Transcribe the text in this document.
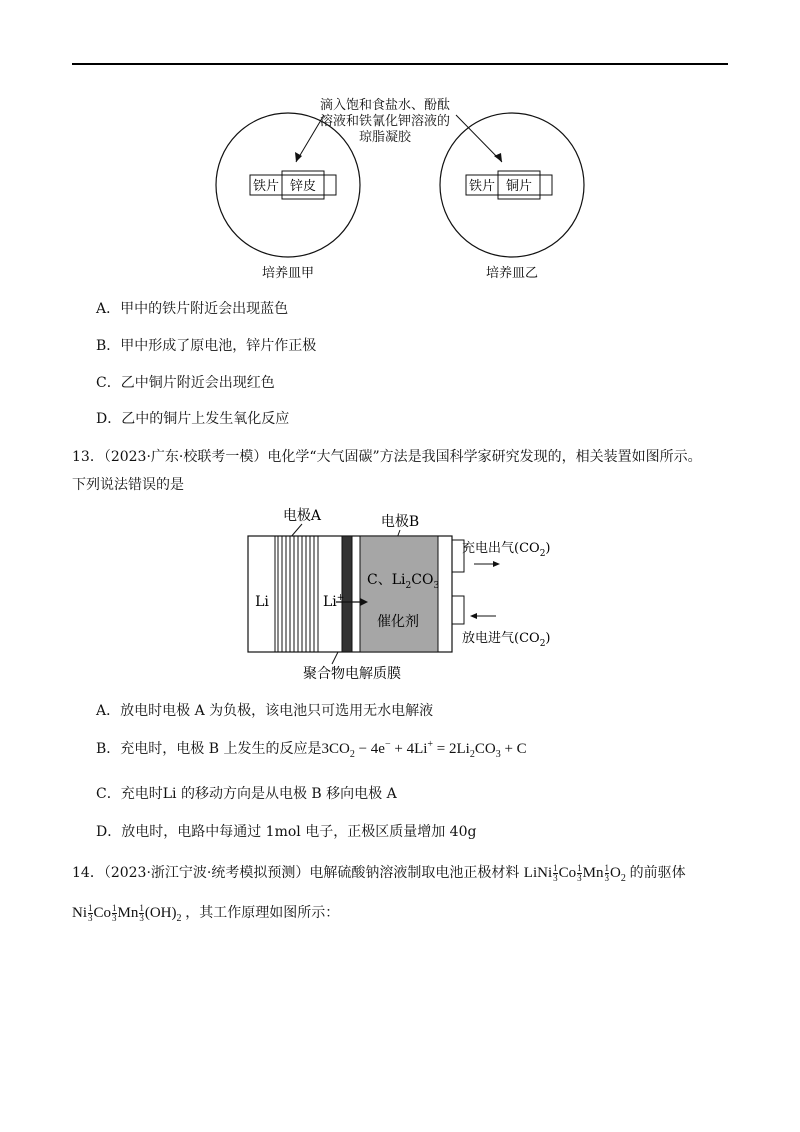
滴入饱和食盐水、酚酞
溶液和铁氰化钾溶液的
琼脂凝胶
铁片 锌皮	铁片 铜片
培养皿甲	培养皿乙
A．甲中的铁片附近会出现蓝色
B．甲中形成了原电池，锌片作正极
C．乙中铜片附近会出现红色
D．乙中的铜片上发生氧化反应
13．（2023·广东·校联考一模）电化学“大气固碳”方法是我国科学家研究发现的，相关装置如图所示。
下列说法错误的是
电极A	电极B
Li	Li+
C、$Li_2CO_3$
催化剂
充电出气$(CO_2)$
放电进气$(CO_2)$
聚合物电解质膜
A．放电时电极 A 为负极，该电池只可选用无水电解液
B．充电时，电极 B 上发生的反应是$3CO_2 - 4e^- + 4Li^+ = 2Li_2CO_3 + C$
C．充电时Li 的移动方向是从电极 B 移向电极 A
D．放电时，电路中每通过 1mol 电子，正极区质量增加 40g
14．（2023·浙江宁波·统考模拟预测）电解硫酸钠溶液制取电池正极材料 LiNi $\frac{1}{3}$ Co $\frac{1}{3}$ Mn $\frac{1}{3} O_2$ 的前驱体
Ni $\frac{1}{3}$ Co $\frac{1}{3}$ Mn $\frac{1}{3} (OH)_2$ ，其工作原理如图所示：
